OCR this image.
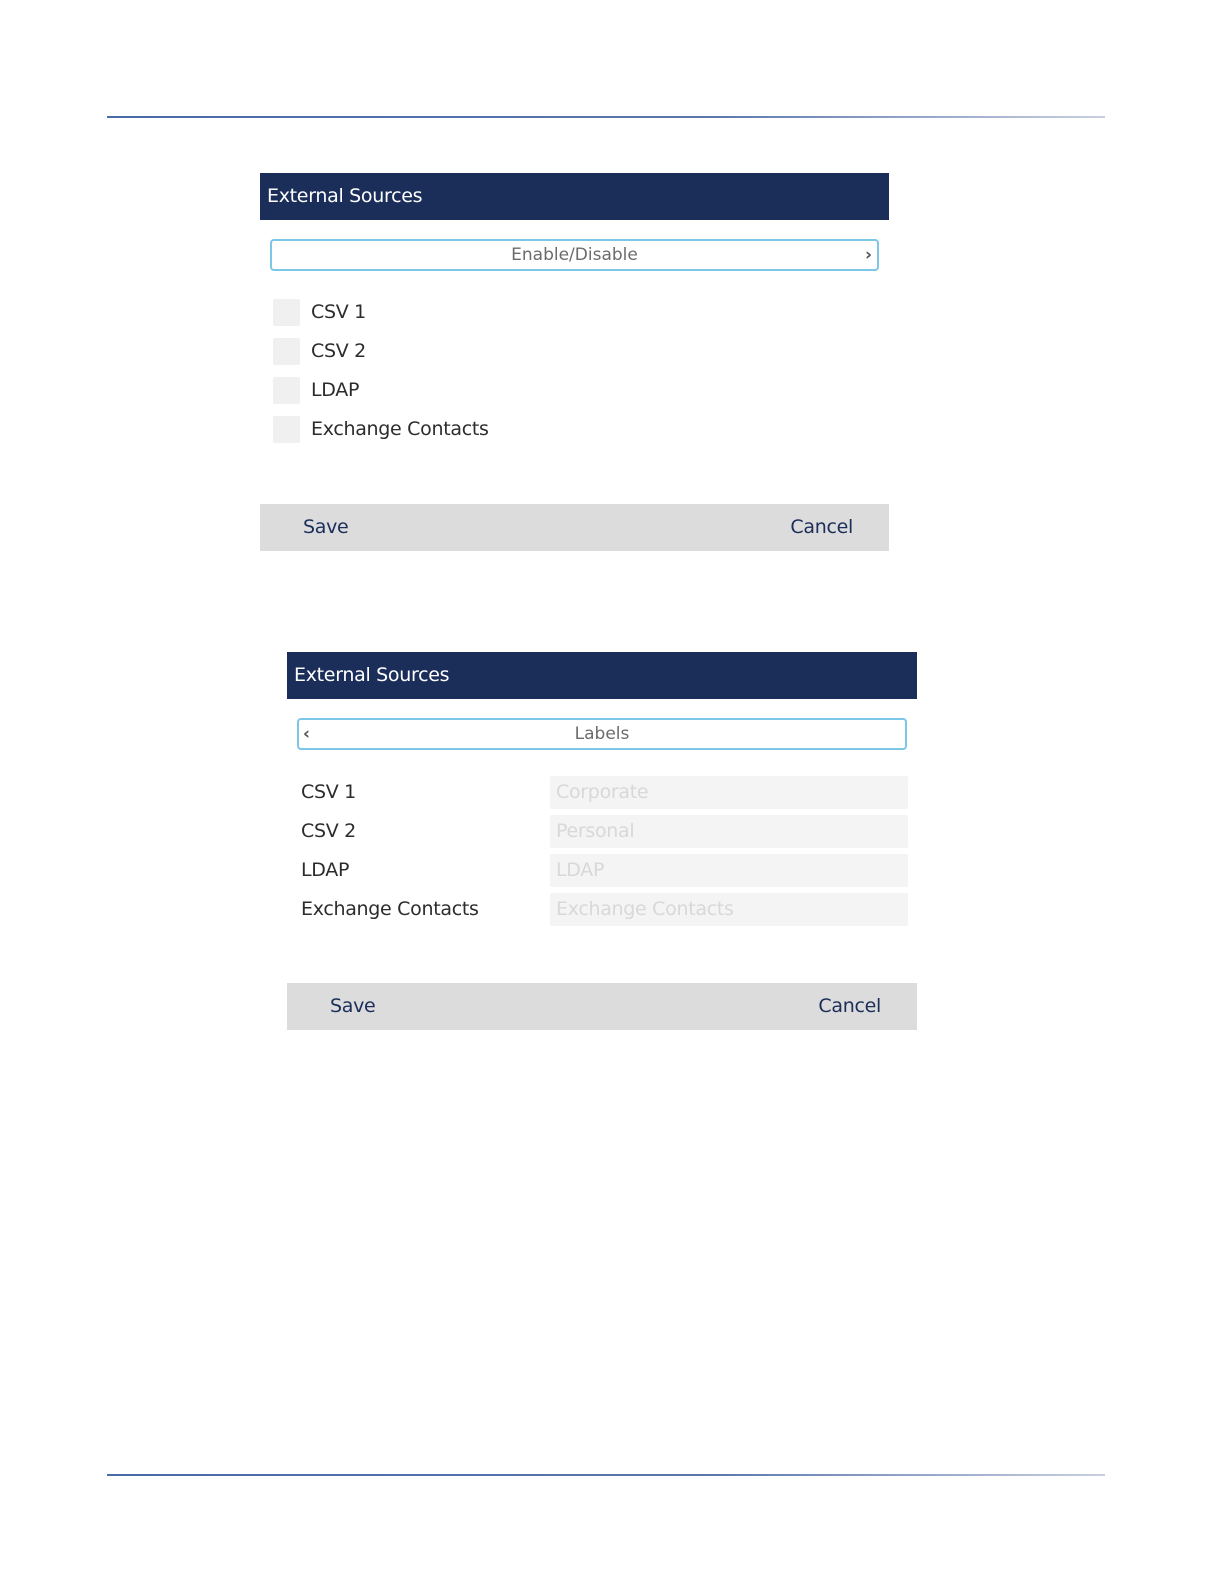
External Sources
Enable/Disable	›
CSV 1
CSV 2
LDAP
Exchange Contacts
Save	Cancel
External Sources
‹	Labels
CSV 1	Corporate
CSV 2	Personal
LDAP	LDAP
Exchange Contacts	Exchange Contacts
Save	Cancel
